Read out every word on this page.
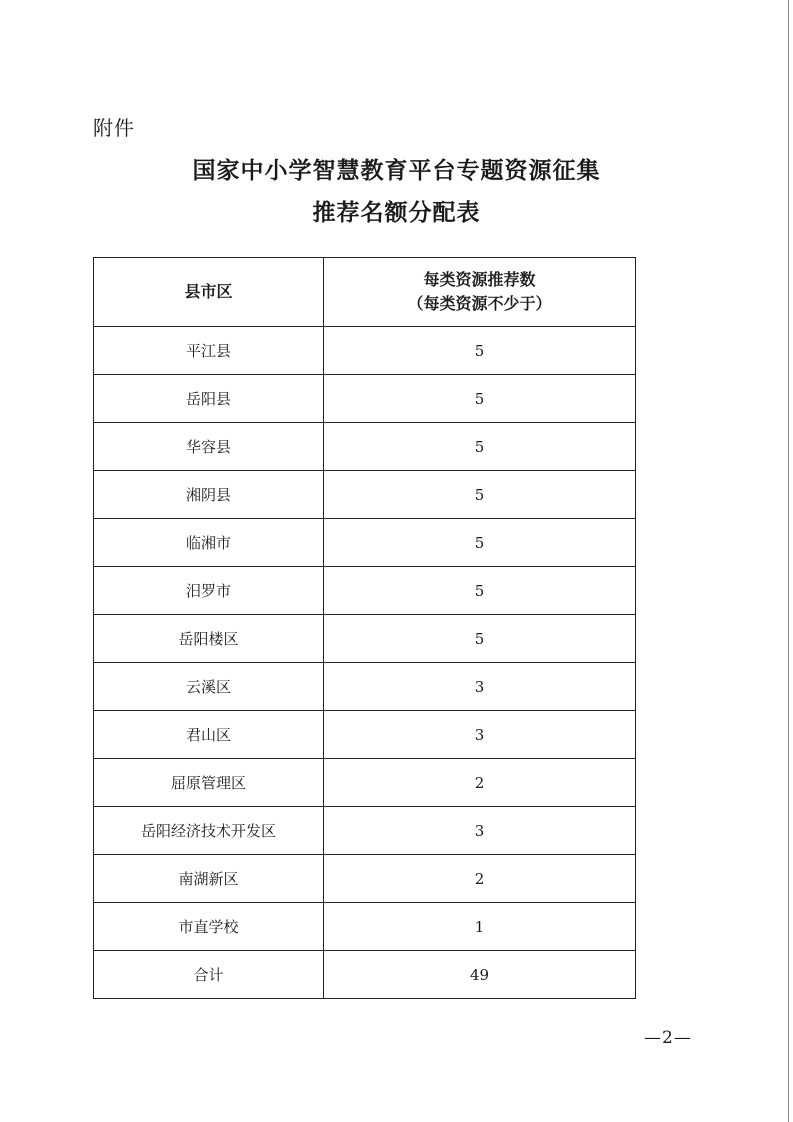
附件
国家中小学智慧教育平台专题资源征集
推荐名额分配表
县市区	每类资源推荐数
（每类资源不少于）

平江县	5
岳阳县	5
华容县	5
湘阴县	5
临湘市	5
汨罗市	5
岳阳楼区	5
云溪区	3
君山区	3
屈原管理区	2
岳阳经济技术开发区	3
南湖新区	2
市直学校	1
合计	49
—2—
